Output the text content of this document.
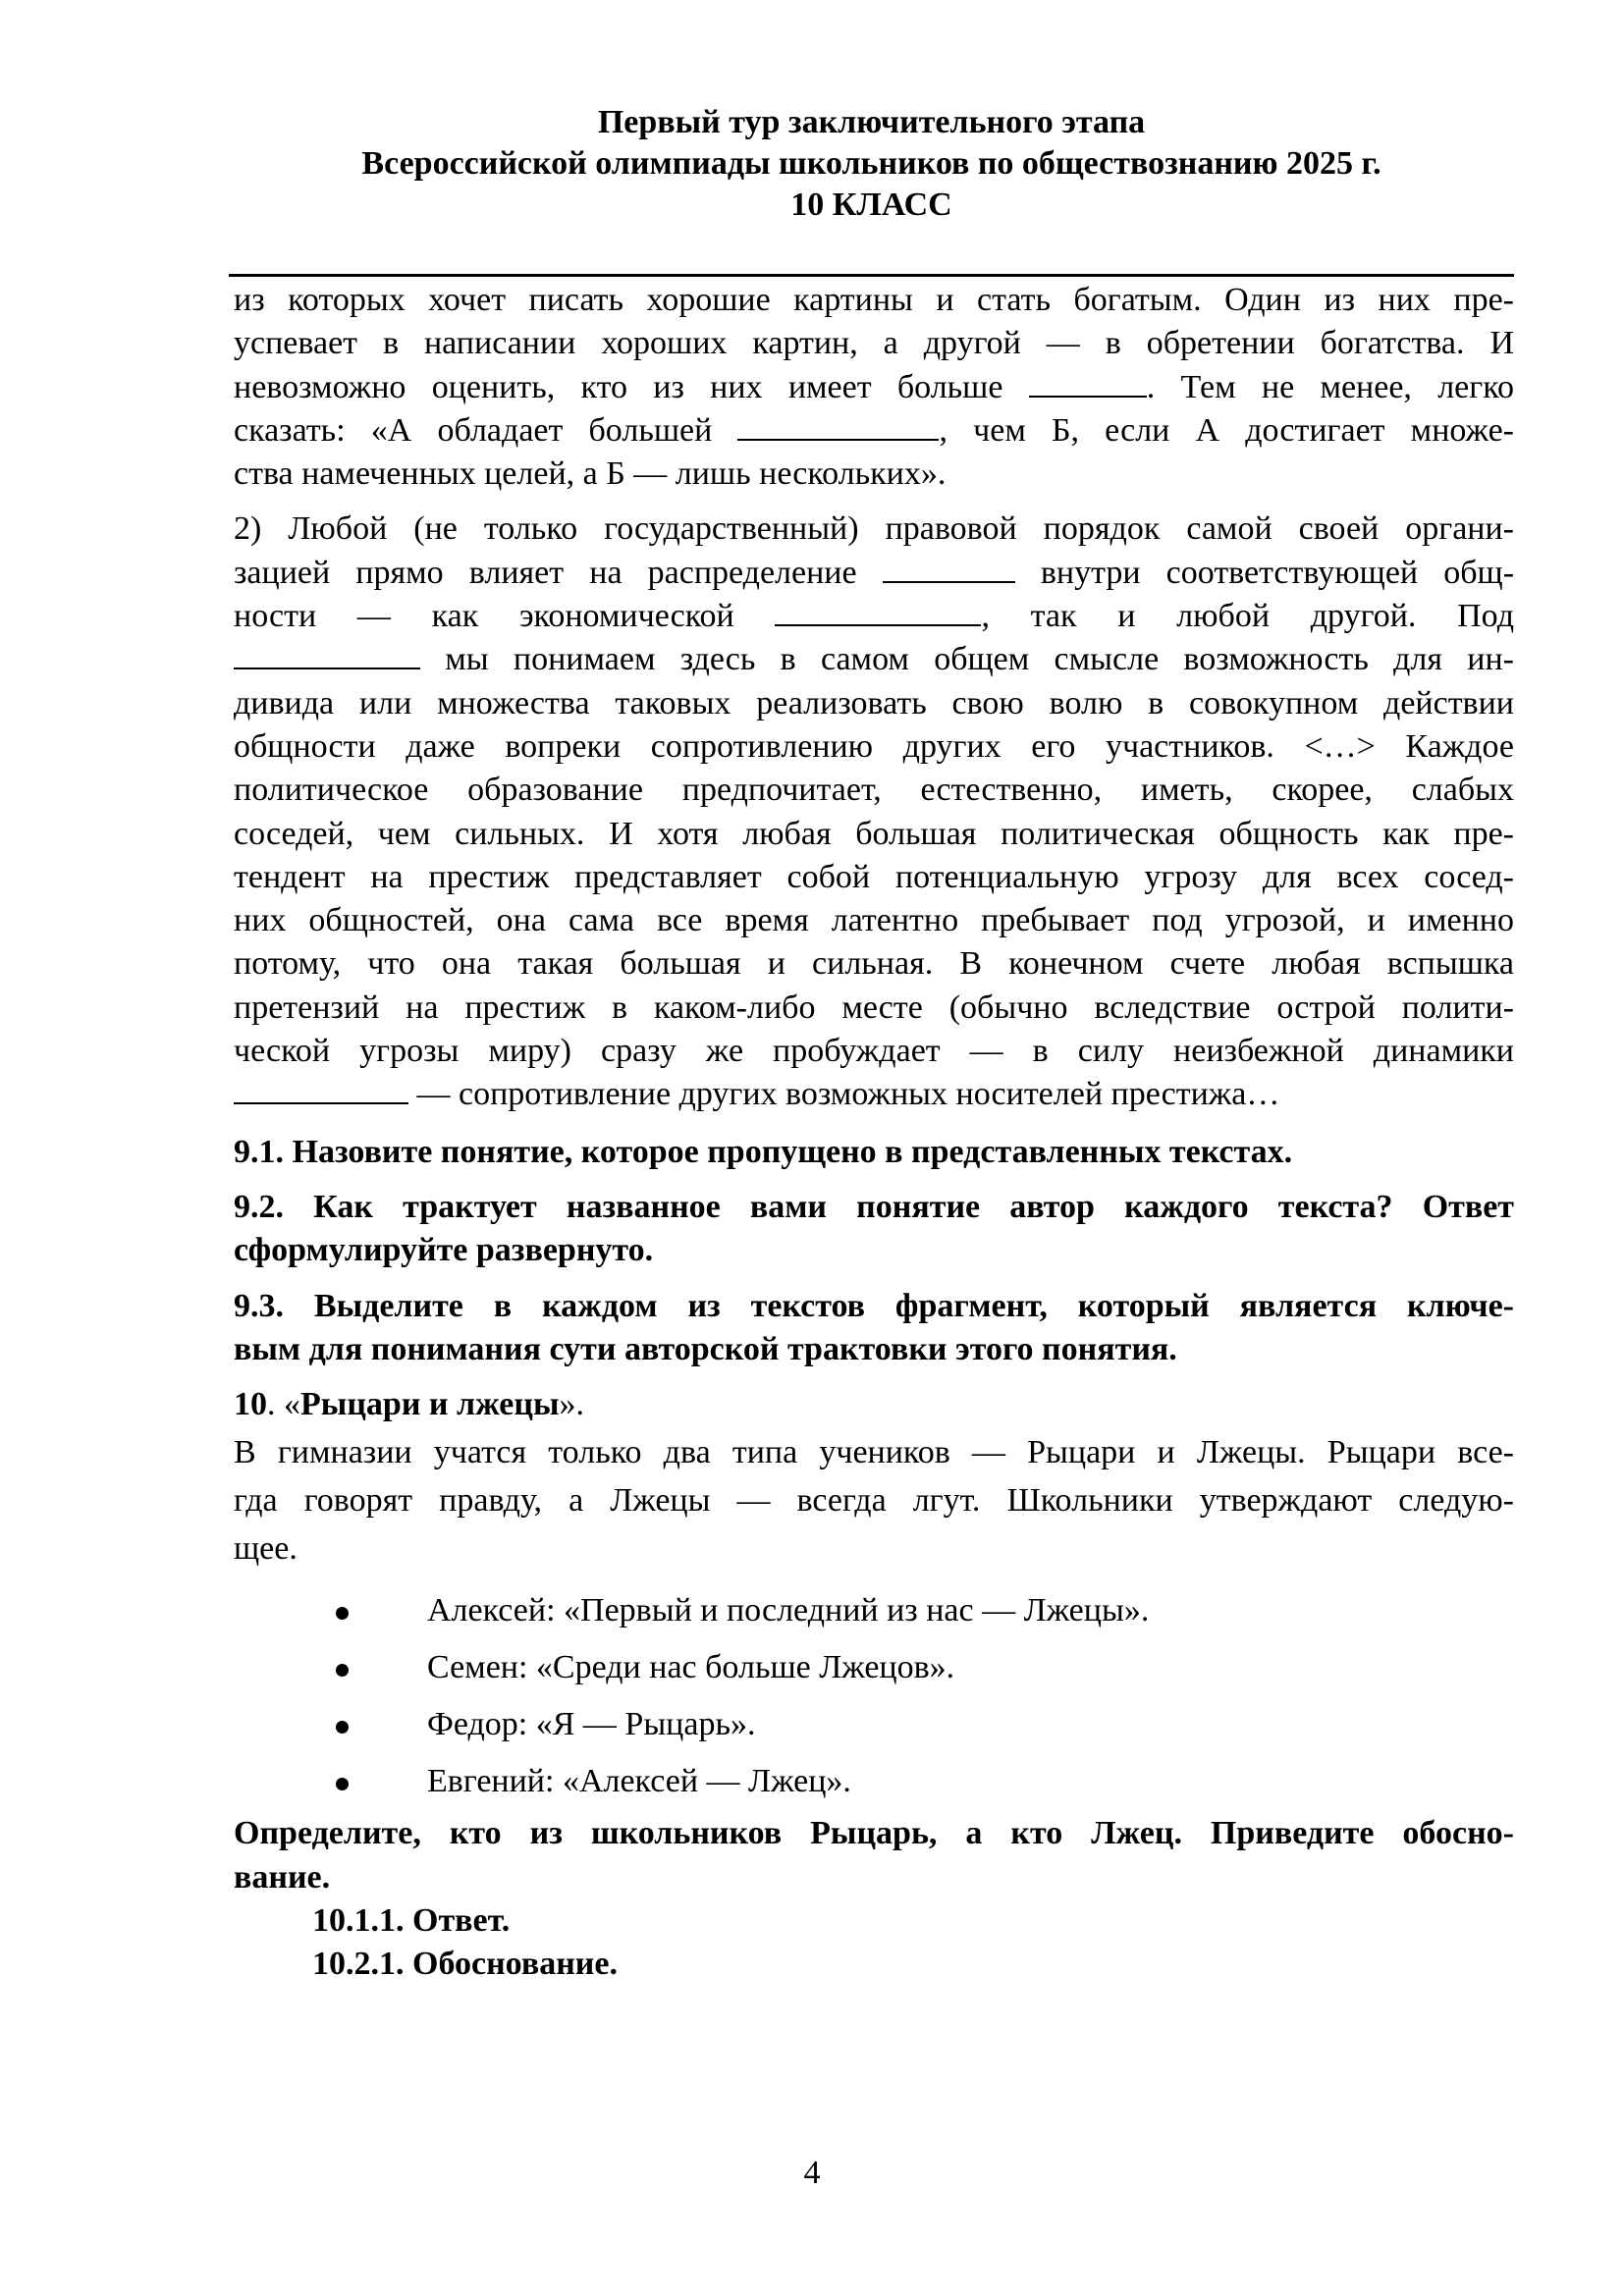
Первый тур заключительного этапа
Всероссийской олимпиады школьников по обществознанию 2025 г.
10 КЛАСС
из которых хочет писать хорошие картины и стать богатым. Один из них пре-
успевает в написании хороших картин, а другой — в обретении богатства. И
невозможно оценить, кто из них имеет больше	. Тем не менее, легко
сказать: «А обладает большей	, чем Б, если А достигает множе-
ства намеченных целей, а Б — лишь нескольких».
2) Любой (не только государственный) правовой порядок самой своей органи-
зацией прямо влияет на распределение	внутри соответствующей общ-
ности — как экономической	, так и любой другой. Под
мы понимаем здесь в самом общем смысле возможность для ин-
дивида или множества таковых реализовать свою волю в совокупном действии
общности даже вопреки сопротивлению других его участников. <…> Каждое
политическое образование предпочитает, естественно, иметь, скорее, слабых
соседей, чем сильных. И хотя любая большая политическая общность как пре-
тендент на престиж представляет собой потенциальную угрозу для всех сосед-
них общностей, она сама все время латентно пребывает под угрозой, и именно
потому, что она такая большая и сильная. В конечном счете любая вспышка
претензий на престиж в каком-либо месте (обычно вследствие острой полити-
ческой угрозы миру) сразу же пробуждает — в силу неизбежной динамики
— сопротивление других возможных носителей престижа…
9.1. Назовите понятие, которое пропущено в представленных текстах.
9.2. Как трактует названное вами понятие автор каждого текста? Ответ
сформулируйте развернуто.
9.3. Выделите в каждом из текстов фрагмент, который является ключе-
вым для понимания сути авторской трактовки этого понятия.
10. «Рыцари и лжецы».
В гимназии учатся только два типа учеников — Рыцари и Лжецы. Рыцари все-
гда говорят правду, а Лжецы — всегда лгут. Школьники утверждают следую-
щее.
Алексей: «Первый и последний из нас — Лжецы».
Семен: «Среди нас больше Лжецов».
Федор: «Я — Рыцарь».
Евгений: «Алексей — Лжец».
Определите, кто из школьников Рыцарь, а кто Лжец. Приведите обосно-
вание.
10.1.1. Ответ.
10.2.1. Обоснование.
4
